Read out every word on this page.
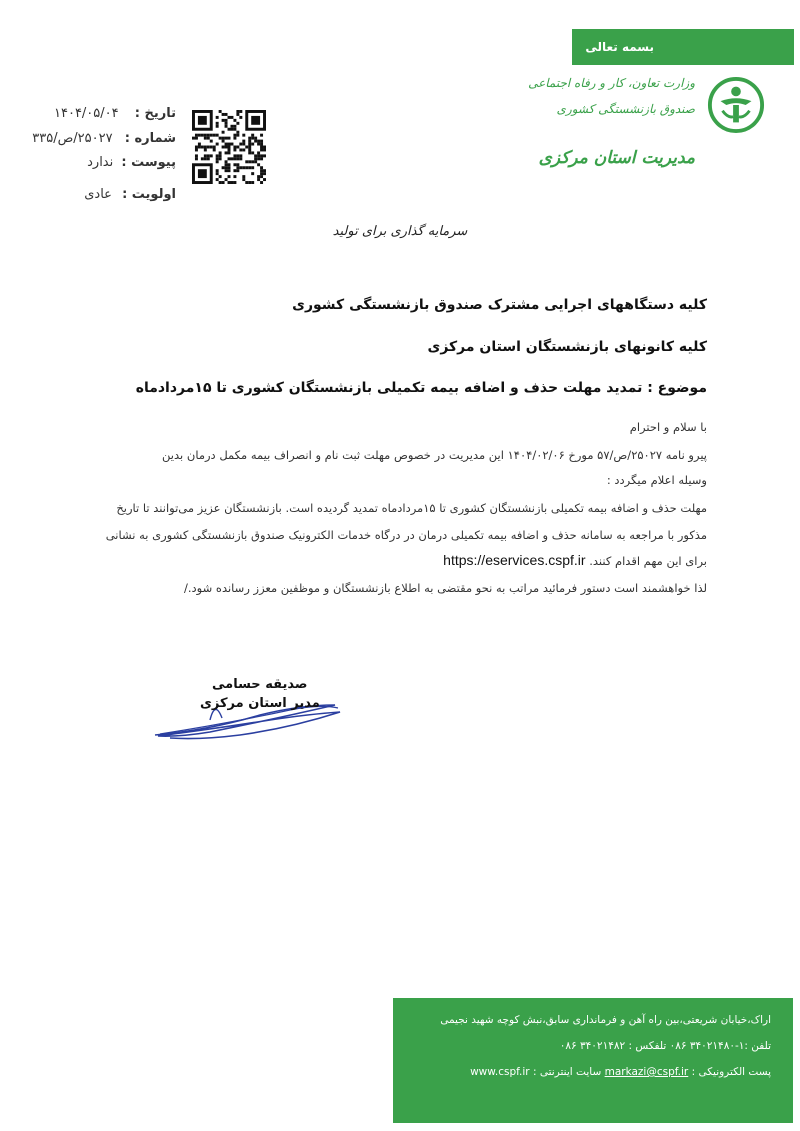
بسمه تعالی
وزارت تعاون، کار و رفاه اجتماعی
صندوق بازنشستگی کشوری
مدیریت استان مرکزی
تاریخ : ۱۴۰۴/۰۵/۰۴
شماره : ۲۵۰۲۷/ص/۳۳۵
پیوست : ندارد
اولویت : عادی
سرمایه گذاری برای تولید
کلیه دستگاههای اجرایی مشترک صندوق بازنشستگی کشوری
کلیه کانونهای بازنشستگان استان مرکزی
موضوع : تمدید مهلت حذف و اضافه بیمه تکمیلی بازنشستگان کشوری تا ۱۵مردادماه
با سلام و احترام
پیرو نامه ۲۵۰۲۷/ص/۵۷ مورخ ۱۴۰۴/۰۲/۰۶ این مدیریت در خصوص مهلت ثبت نام و انصراف بیمه مکمل درمان بدین
وسیله اعلام میگردد :
مهلت حذف و اضافه بیمه تکمیلی بازنشستگان کشوری تا ۱۵مردادماه تمدید گردیده است. بازنشستگان عزیز می‌توانند تا تاریخ
مذکور با مراجعه به سامانه حذف و اضافه بیمه تکمیلی درمان در درگاه خدمات الکترونیک صندوق بازنشستگی کشوری به نشانی
برای این مهم اقدام کنند. https://eservices.cspf.ir
لذا خواهشمند است دستور فرمائید مراتب به نحو مقتضی به اطلاع بازنشستگان و موظفین معزز رسانده شود./
صدیقه حسامی
مدیر استان مرکزی
اراک،خیابان شریعتی،بین راه آهن و فرمانداری سابق،نبش کوچه شهید نجیمی
تلفن :۱-۳۴۰۲۱۴۸۰ ۰۸۶ تلفکس : ۳۴۰۲۱۴۸۲ ۰۸۶
پست الکترونیکی : markazi@cspf.ir سایت اینترنتی : www.cspf.ir
